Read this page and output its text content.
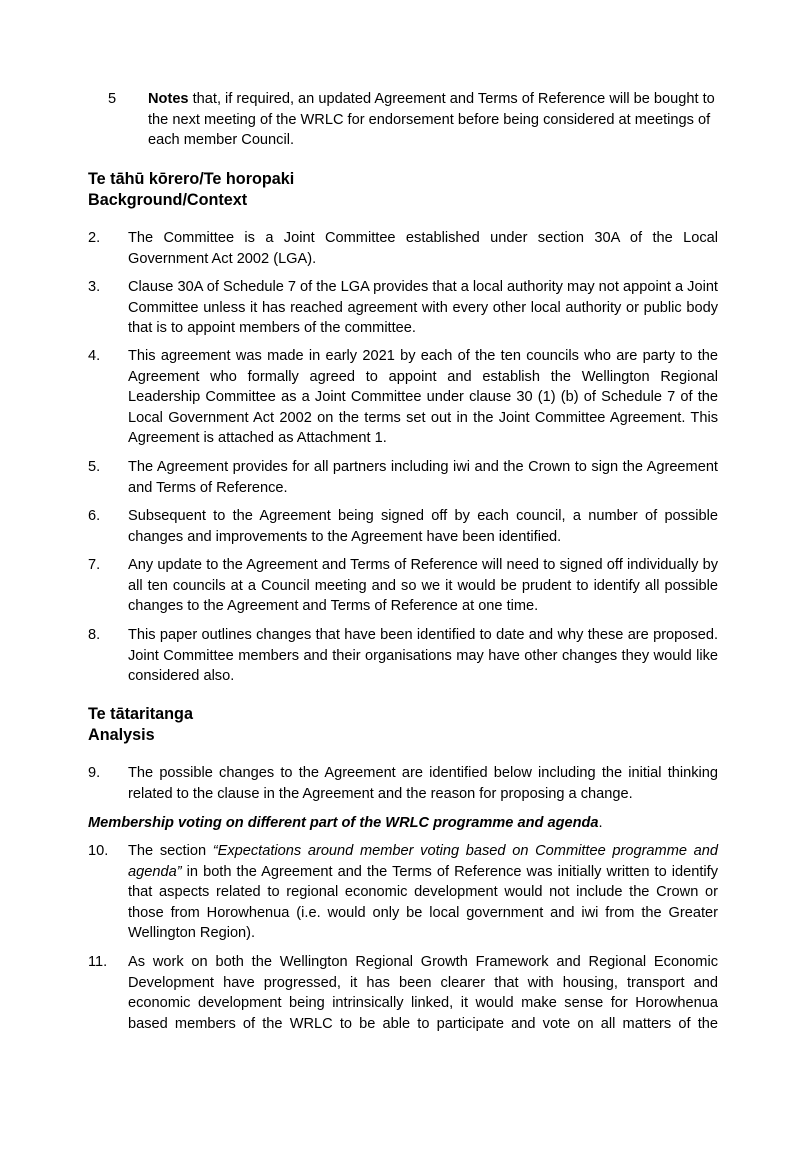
5 Notes that, if required, an updated Agreement and Terms of Reference will be bought to the next meeting of the WRLC for endorsement before being considered at meetings of each member Council.
Te tāhū kōrero/Te horopaki
Background/Context
2. The Committee is a Joint Committee established under section 30A of the Local Government Act 2002 (LGA).
3. Clause 30A of Schedule 7 of the LGA provides that a local authority may not appoint a Joint Committee unless it has reached agreement with every other local authority or public body that is to appoint members of the committee.
4. This agreement was made in early 2021 by each of the ten councils who are party to the Agreement who formally agreed to appoint and establish the Wellington Regional Leadership Committee as a Joint Committee under clause 30 (1) (b) of Schedule 7 of the Local Government Act 2002 on the terms set out in the Joint Committee Agreement. This Agreement is attached as Attachment 1.
5. The Agreement provides for all partners including iwi and the Crown to sign the Agreement and Terms of Reference.
6. Subsequent to the Agreement being signed off by each council, a number of possible changes and improvements to the Agreement have been identified.
7. Any update to the Agreement and Terms of Reference will need to signed off individually by all ten councils at a Council meeting and so we it would be prudent to identify all possible changes to the Agreement and Terms of Reference at one time.
8. This paper outlines changes that have been identified to date and why these are proposed. Joint Committee members and their organisations may have other changes they would like considered also.
Te tātaritanga
Analysis
9. The possible changes to the Agreement are identified below including the initial thinking related to the clause in the Agreement and the reason for proposing a change.
Membership voting on different part of the WRLC programme and agenda.
10. The section “Expectations around member voting based on Committee programme and agenda” in both the Agreement and the Terms of Reference was initially written to identify that aspects related to regional economic development would not include the Crown or those from Horowhenua (i.e. would only be local government and iwi from the Greater Wellington Region).
11. As work on both the Wellington Regional Growth Framework and Regional Economic Development have progressed, it has been clearer that with housing, transport and economic development being intrinsically linked, it would make sense for Horowhenua based members of the WRLC to be able to participate and vote on all matters of the
